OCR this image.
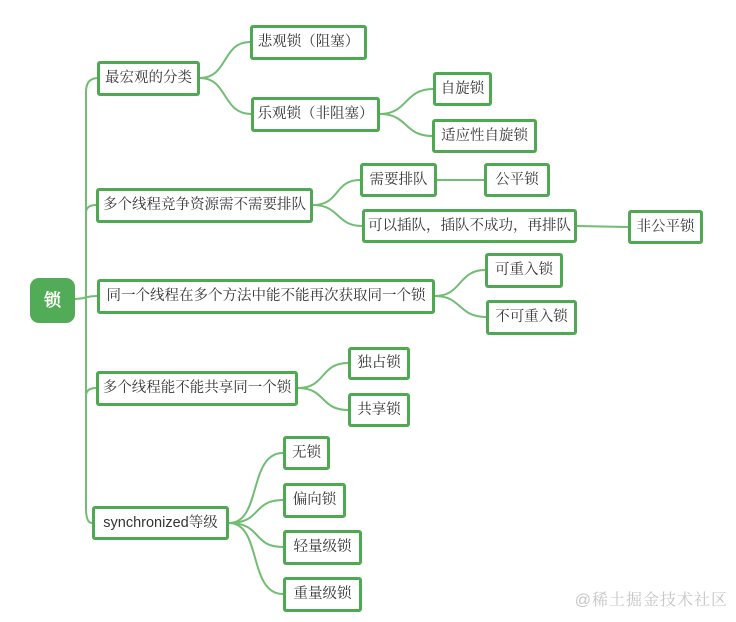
锁
最宏观的分类
悲观锁（阻塞）
乐观锁（非阻塞）
自旋锁
适应性自旋锁
多个线程竞争资源需不需要排队
需要排队	公平锁
可以插队，插队不成功，再排队	非公平锁
同一个线程在多个方法中能不能再次获取同一个锁
可重入锁
不可重入锁
多个线程能不能共享同一个锁
独占锁
共享锁
synchronized等级
无锁
偏向锁
轻量级锁
重量级锁	@稀土掘金技术社区
